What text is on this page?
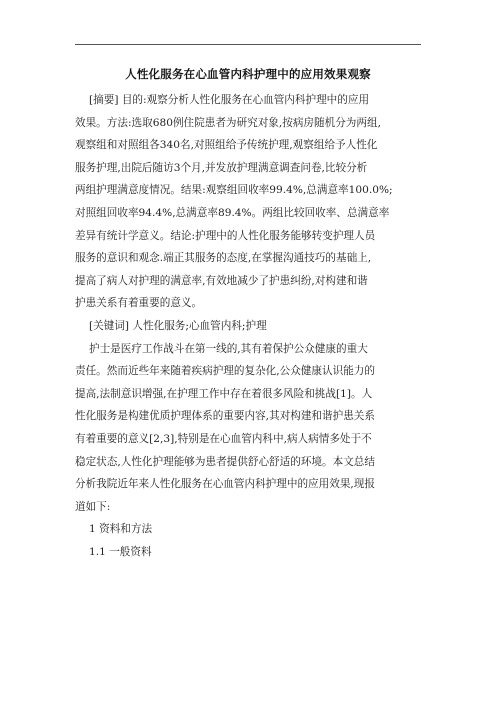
人性化服务在心血管内科护理中的应用效果观察
[摘要] 目的:观察分析人性化服务在心血管内科护理中的应用
效果。方法:选取680例住院患者为研究对象,按病房随机分为两组,
观察组和对照组各340名,对照组给予传统护理,观察组给予人性化
服务护理,出院后随访3个月,并发放护理满意调查问卷,比较分析
两组护理满意度情况。结果:观察组回收率99.4%,总满意率100.0%;
对照组回收率94.4%,总满意率89.4%。两组比较回收率、总满意率
差异有统计学意义。结论:护理中的人性化服务能够转变护理人员
服务的意识和观念.端正其服务的态度,在掌握沟通技巧的基础上,
提高了病人对护理的满意率,有效地减少了护患纠纷,对构建和谐
护患关系有着重要的意义。
[关键词] 人性化服务;心血管内科;护理
护士是医疗工作战斗在第一线的,其有着保护公众健康的重大
责任。然而近些年来随着疾病护理的复杂化,公众健康认识能力的
提高,法制意识增强,在护理工作中存在着很多风险和挑战[1]。人
性化服务是构建优质护理体系的重要内容,其对构建和谐护患关系
有着重要的意义[2,3],特别是在心血管内科中,病人病情多处于不
稳定状态,人性化护理能够为患者提供舒心舒适的环境。本文总结
分析我院近年来人性化服务在心血管内科护理中的应用效果,现报
道如下:
1 资料和方法
1.1 一般资料
